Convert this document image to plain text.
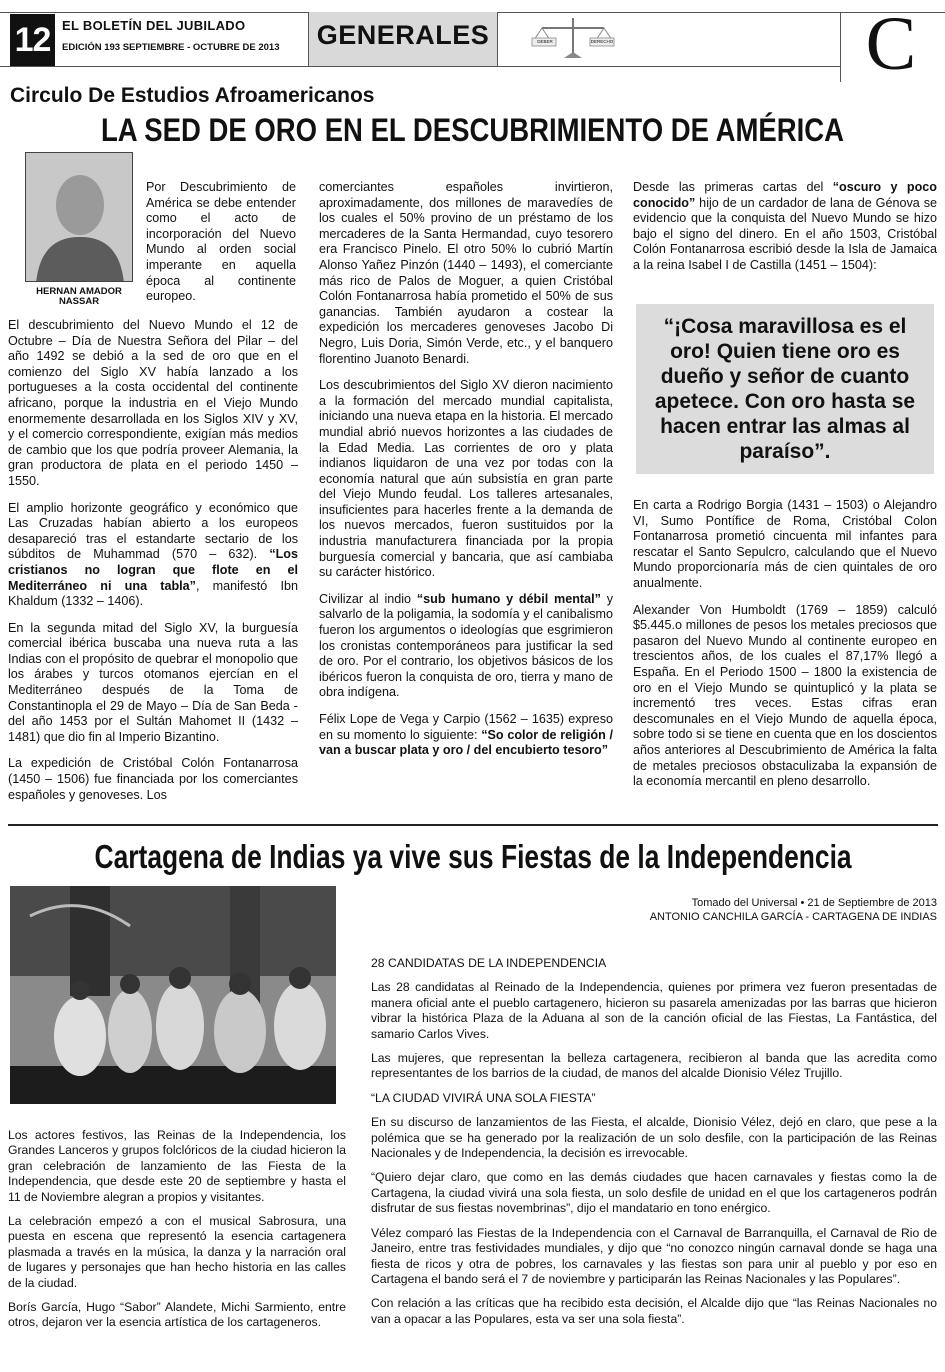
12 EL BOLETÍN DEL JUBILADO
EDICIÓN 193 SEPTIEMBRE - OCTUBRE DE 2013	GENERALES	DEBER	DERECHO	C
Circulo De Estudios Afroamericanos
LA SED DE ORO EN EL DESCUBRIMIENTO DE AMÉRICA
HERNAN AMADOR NASSAR
Por Descubrimiento de América se debe entender como el acto de incorporación del Nuevo Mundo al orden social imperante en aquella época al continente europeo.

El descubrimiento del Nuevo Mundo el 12 de Octubre – Día de Nuestra Señora del Pilar – del año 1492 se debió a la sed de oro que en el comienzo del Siglo XV había lanzado a los portugueses a la costa occidental del continente africano, porque la industria en el Viejo Mundo enormemente desarrollada en los Siglos XIV y XV, y el comercio correspondiente, exigían más medios de cambio que los que podría proveer Alemania, la gran productora de plata en el periodo 1450 – 1550.

El amplio horizonte geográfico y económico que Las Cruzadas habían abierto a los europeos desapareció tras el estandarte sectario de los súbditos de Muhammad (570 – 632). “Los cristianos no logran que flote en el Mediterráneo ni una tabla”, manifestó Ibn Khaldum (1332 – 1406).

En la segunda mitad del Siglo XV, la burguesía comercial ibérica buscaba una nueva ruta a las Indias con el propósito de quebrar el monopolio que los árabes y turcos otomanos ejercían en el Mediterráneo después de la Toma de Constantinopla el 29 de Mayo – Día de San Beda - del año 1453 por el Sultán Mahomet II (1432 – 1481) que dio fin al Imperio Bizantino.

La expedición de Cristóbal Colón Fontanarrosa (1450 – 1506) fue financiada por los comerciantes españoles y genoveses. Los

comerciantes españoles invirtieron, aproximadamente, dos millones de maravedíes de los cuales el 50% provino de un préstamo de los mercaderes de la Santa Hermandad, cuyo tesorero era Francisco Pinelo. El otro 50% lo cubrió Martín Alonso Yañez Pinzón (1440 – 1493), el comerciante más rico de Palos de Moguer, a quien Cristóbal Colón Fontanarrosa había prometido el 50% de sus ganancias. También ayudaron a costear la expedición los mercaderes genoveses Jacobo Di Negro, Luis Doria, Simón Verde, etc., y el banquero florentino Juanoto Benardi.

Los descubrimientos del Siglo XV dieron nacimiento a la formación del mercado mundial capitalista, iniciando una nueva etapa en la historia. El mercado mundial abrió nuevos horizontes a las ciudades de la Edad Media. Las corrientes de oro y plata indianos liquidaron de una vez por todas con la economía natural que aún subsistía en gran parte del Viejo Mundo feudal. Los talleres artesanales, insuficientes para hacerles frente a la demanda de los nuevos mercados, fueron sustituidos por la industria manufacturera financiada por la propia burguesía comercial y bancaria, que así cambiaba su carácter histórico.

Civilizar al indio “sub humano y débil mental” y salvarlo de la poligamia, la sodomía y el canibalismo fueron los argumentos o ideologías que esgrimieron los cronistas contemporáneos para justificar la sed de oro. Por el contrario, los objetivos básicos de los ibéricos fueron la conquista de oro, tierra y mano de obra indígena.

Félix Lope de Vega y Carpio (1562 – 1635) expreso en su momento lo siguiente: “So color de religión / van a buscar plata y oro / del encubierto tesoro”

Desde las primeras cartas del “oscuro y poco conocido” hijo de un cardador de lana de Génova se evidencio que la conquista del Nuevo Mundo se hizo bajo el signo del dinero. En el año 1503, Cristóbal Colón Fontanarrosa escribió desde la Isla de Jamaica a la reina Isabel I de Castilla (1451 – 1504):

“¡Cosa maravillosa es el oro! Quien tiene oro es dueño y señor de cuanto apetece. Con oro hasta se hacen entrar las almas al paraíso”.

En carta a Rodrigo Borgia (1431 – 1503) o Alejandro VI, Sumo Pontífice de Roma, Cristóbal Colon Fontanarrosa prometió cincuenta mil infantes para rescatar el Santo Sepulcro, calculando que el Nuevo Mundo proporcionaría más de cien quintales de oro anualmente.

Alexander Von Humboldt (1769 – 1859) calculó $5.445.o millones de pesos los metales preciosos que pasaron del Nuevo Mundo al continente europeo en trescientos años, de los cuales el 87,17% llegó a España. En el Periodo 1500 – 1800 la existencia de oro en el Viejo Mundo se quintuplicó y la plata se incrementó tres veces. Estas cifras eran descomunales en el Viejo Mundo de aquella época, sobre todo si se tiene en cuenta que en los doscientos años anteriores al Descubrimiento de América la falta de metales preciosos obstaculizaba la expansión de la economía mercantil en pleno desarrollo.

Cartagena de Indias ya vive sus Fiestas de la Independencia
Tomado del Universal • 21 de Septiembre de 2013
ANTONIO CANCHILA GARCÍA - CARTAGENA DE INDIAS

Los actores festivos, las Reinas de la Independencia, los Grandes Lanceros y grupos folclóricos de la ciudad hicieron la gran celebración de lanzamiento de las Fiesta de la Independencia, que desde este 20 de septiembre y hasta el 11 de Noviembre alegran a propios y visitantes.

La celebración empezó a con el musical Sabrosura, una puesta en escena que representó la esencia cartagenera plasmada a través en la música, la danza y la narración oral de lugares y personajes que han hecho historia en las calles de la ciudad.

Borís García, Hugo “Sabor” Alandete, Michi Sarmiento, entre otros, dejaron ver la esencia artística de los cartageneros.

28 CANDIDATAS DE LA INDEPENDENCIA

Las 28 candidatas al Reinado de la Independencia, quienes por primera vez fueron presentadas de manera oficial ante el pueblo cartagenero, hicieron su pasarela amenizadas por las barras que hicieron vibrar la histórica Plaza de la Aduana al son de la canción oficial de las Fiestas, La Fantástica, del samario Carlos Vives.

Las mujeres, que representan la belleza cartagenera, recibieron al banda que las acredita como representantes de los barrios de la ciudad, de manos del alcalde Dionisio Vélez Trujillo.

“LA CIUDAD VIVIRÁ UNA SOLA FIESTA”

En su discurso de lanzamientos de las Fiesta, el alcalde, Dionisio Vélez, dejó en claro, que pese a la polémica que se ha generado por la realización de un solo desfile, con la participación de las Reinas Nacionales y de Independencia, la decisión es irrevocable.

“Quiero dejar claro, que como en las demás ciudades que hacen carnavales y fiestas como la de Cartagena, la ciudad vivirá una sola fiesta, un solo desfile de unidad en el que los cartageneros podrán disfrutar de sus fiestas novembrinas”, dijo el mandatario en tono enérgico.

Vélez comparó las Fiestas de la Independencia con el Carnaval de Barranquilla, el Carnaval de Rio de Janeiro, entre tras festividades mundiales, y dijo que “no conozco ningún carnaval donde se haga una fiesta de ricos y otra de pobres, los carnavales y las fiestas son para unir al pueblo y por eso en Cartagena el bando será el 7 de noviembre y participarán las Reinas Nacionales y las Populares”.

Con relación a las críticas que ha recibido esta decisión, el Alcalde dijo que “las Reinas Nacionales no van a opacar a las Populares, esta va ser una sola fiesta”.
